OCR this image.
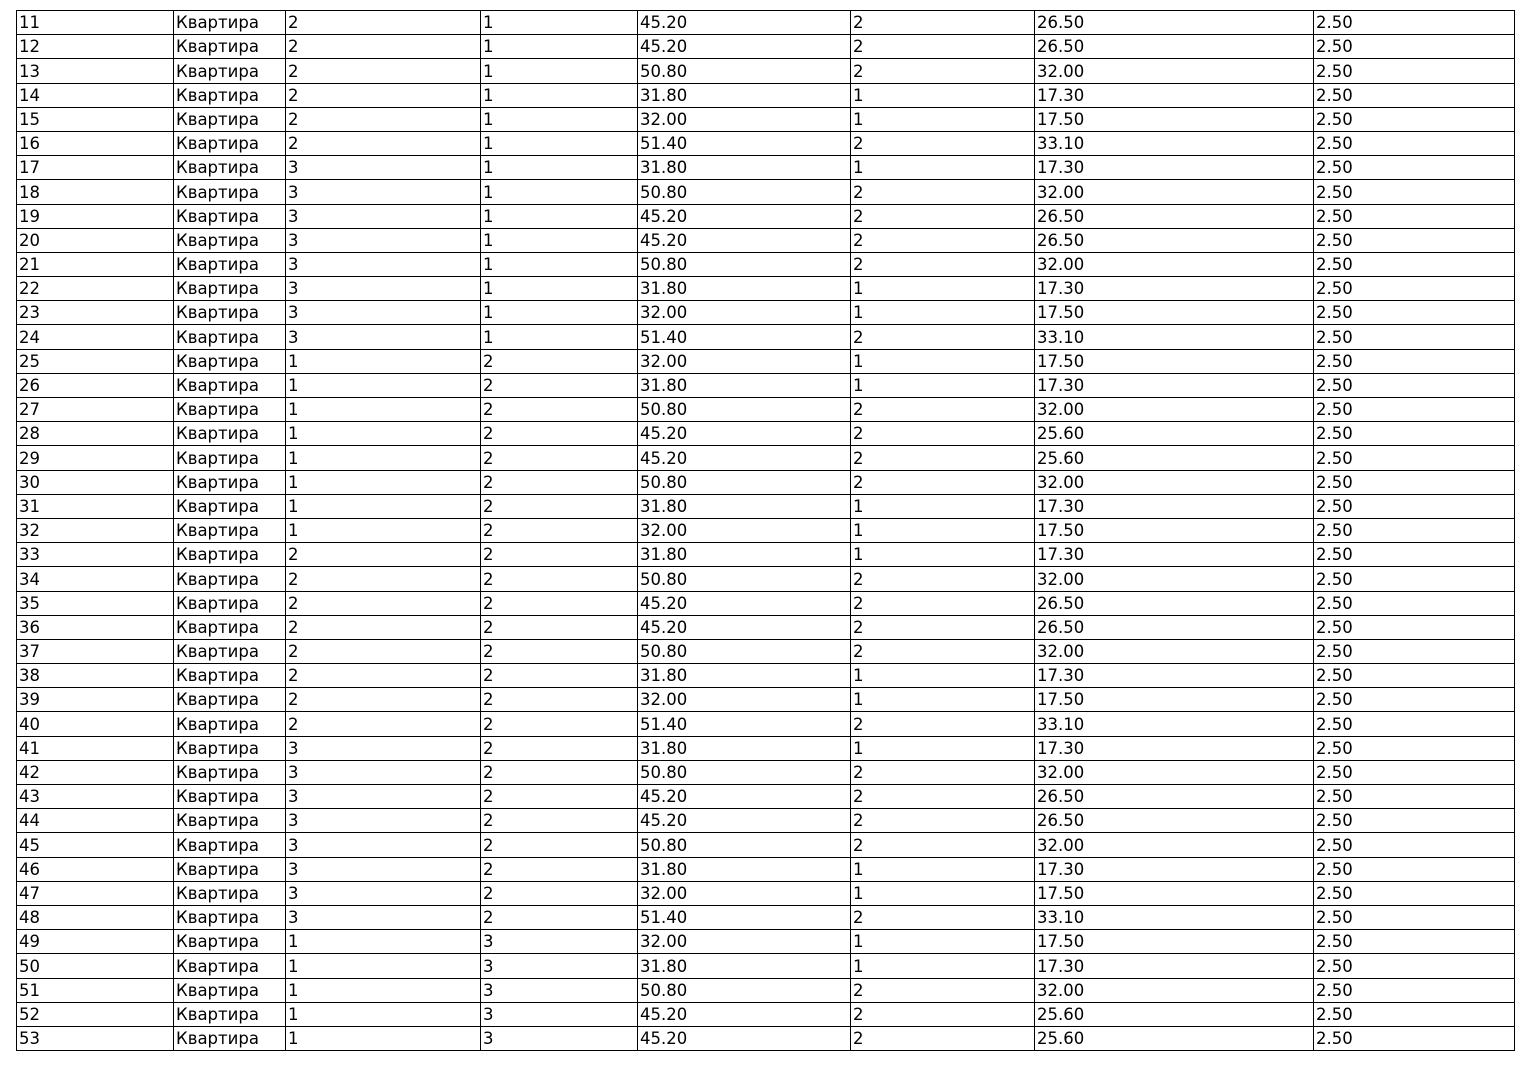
11	Квартира	2	1	45.20	2	26.50	2.50
12	Квартира	2	1	45.20	2	26.50	2.50
13	Квартира	2	1	50.80	2	32.00	2.50
14	Квартира	2	1	31.80	1	17.30	2.50
15	Квартира	2	1	32.00	1	17.50	2.50
16	Квартира	2	1	51.40	2	33.10	2.50
17	Квартира	3	1	31.80	1	17.30	2.50
18	Квартира	3	1	50.80	2	32.00	2.50
19	Квартира	3	1	45.20	2	26.50	2.50
20	Квартира	3	1	45.20	2	26.50	2.50
21	Квартира	3	1	50.80	2	32.00	2.50
22	Квартира	3	1	31.80	1	17.30	2.50
23	Квартира	3	1	32.00	1	17.50	2.50
24	Квартира	3	1	51.40	2	33.10	2.50
25	Квартира	1	2	32.00	1	17.50	2.50
26	Квартира	1	2	31.80	1	17.30	2.50
27	Квартира	1	2	50.80	2	32.00	2.50
28	Квартира	1	2	45.20	2	25.60	2.50
29	Квартира	1	2	45.20	2	25.60	2.50
30	Квартира	1	2	50.80	2	32.00	2.50
31	Квартира	1	2	31.80	1	17.30	2.50
32	Квартира	1	2	32.00	1	17.50	2.50
33	Квартира	2	2	31.80	1	17.30	2.50
34	Квартира	2	2	50.80	2	32.00	2.50
35	Квартира	2	2	45.20	2	26.50	2.50
36	Квартира	2	2	45.20	2	26.50	2.50
37	Квартира	2	2	50.80	2	32.00	2.50
38	Квартира	2	2	31.80	1	17.30	2.50
39	Квартира	2	2	32.00	1	17.50	2.50
40	Квартира	2	2	51.40	2	33.10	2.50
41	Квартира	3	2	31.80	1	17.30	2.50
42	Квартира	3	2	50.80	2	32.00	2.50
43	Квартира	3	2	45.20	2	26.50	2.50
44	Квартира	3	2	45.20	2	26.50	2.50
45	Квартира	3	2	50.80	2	32.00	2.50
46	Квартира	3	2	31.80	1	17.30	2.50
47	Квартира	3	2	32.00	1	17.50	2.50
48	Квартира	3	2	51.40	2	33.10	2.50
49	Квартира	1	3	32.00	1	17.50	2.50
50	Квартира	1	3	31.80	1	17.30	2.50
51	Квартира	1	3	50.80	2	32.00	2.50
52	Квартира	1	3	45.20	2	25.60	2.50
53	Квартира	1	3	45.20	2	25.60	2.50
